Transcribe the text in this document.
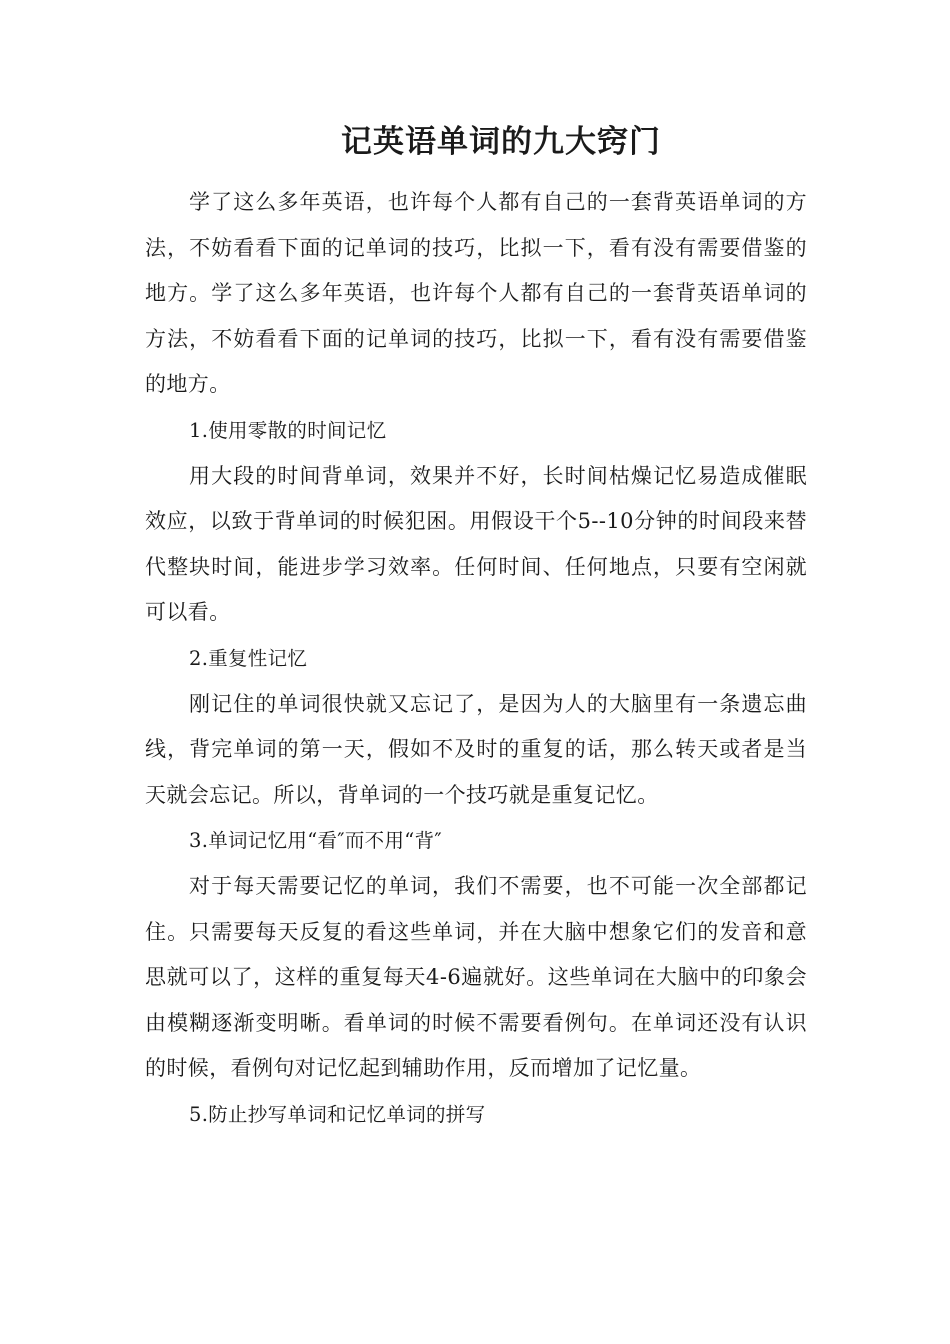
记英语单词的九大窍门

学了这么多年英语，也许每个人都有自己的一套背英语单词的方法，不妨看看下面的记单词的技巧，比拟一下，看有没有需要借鉴的地方。学了这么多年英语，也许每个人都有自己的一套背英语单词的方法，不妨看看下面的记单词的技巧，比拟一下，看有没有需要借鉴的地方。

1.使用零散的时间记忆

用大段的时间背单词，效果并不好，长时间枯燥记忆易造成催眠效应，以致于背单词的时候犯困。用假设干个5--10分钟的时间段来替代整块时间，能进步学习效率。任何时间、任何地点，只要有空闲就可以看。

2.重复性记忆

刚记住的单词很快就又忘记了，是因为人的大脑里有一条遗忘曲线，背完单词的第一天，假如不及时的重复的话，那么转天或者是当天就会忘记。所以，背单词的一个技巧就是重复记忆。

3.单词记忆用“看″而不用“背″

对于每天需要记忆的单词，我们不需要，也不可能一次全部都记住。只需要每天反复的看这些单词，并在大脑中想象它们的发音和意思就可以了，这样的重复每天4-6遍就好。这些单词在大脑中的印象会由模糊逐渐变明晰。看单词的时候不需要看例句。在单词还没有认识的时候，看例句对记忆起到辅助作用，反而增加了记忆量。

5.防止抄写单词和记忆单词的拼写
